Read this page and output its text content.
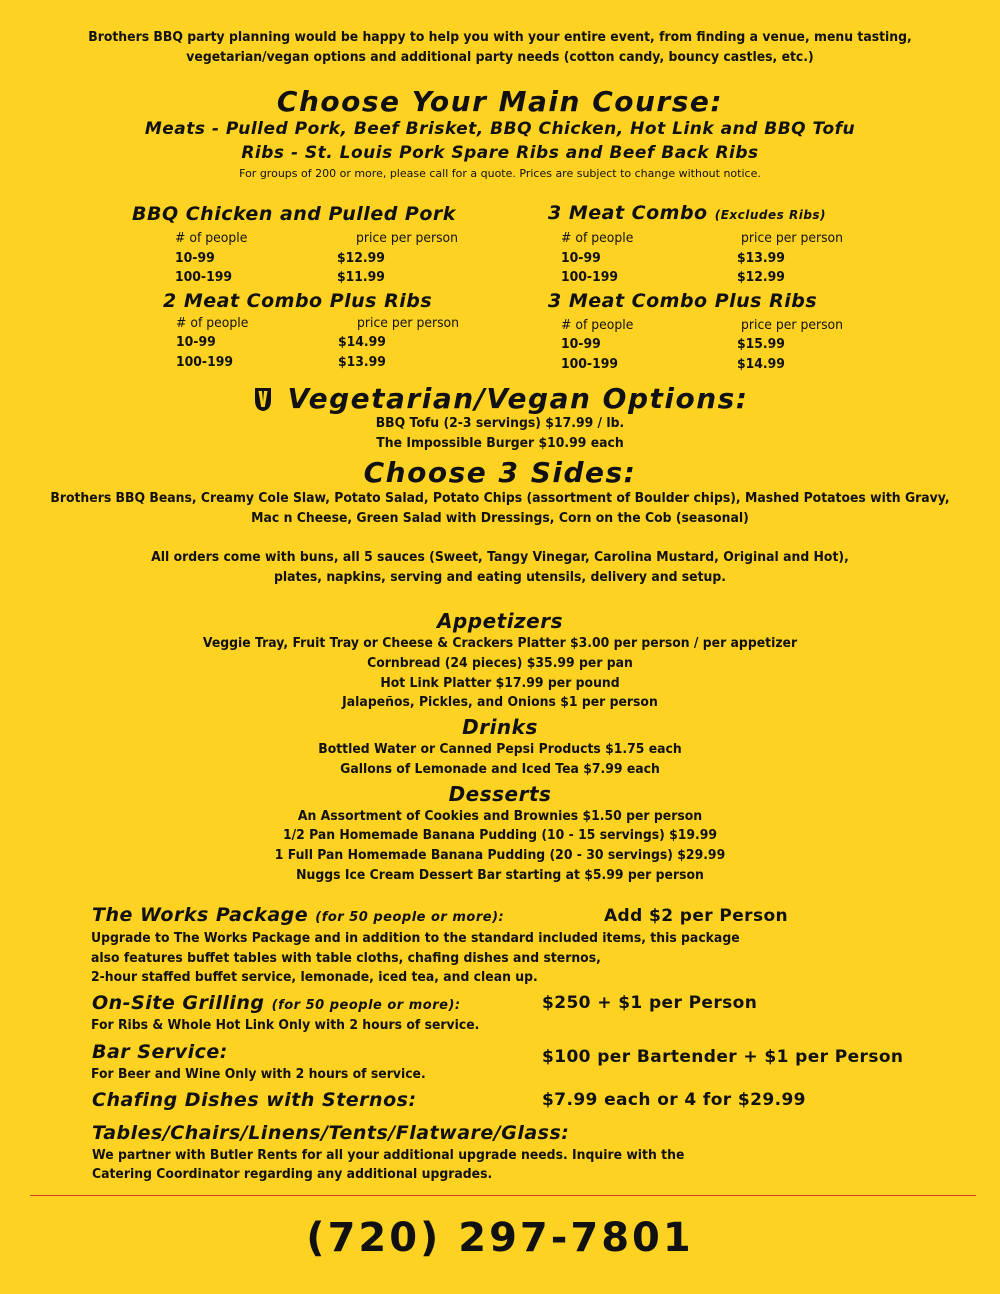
Brothers BBQ party planning would be happy to help you with your entire event, from finding a venue, menu tasting,
vegetarian/vegan options and additional party needs (cotton candy, bouncy castles, etc.)
Choose Your Main Course:
Meats - Pulled Pork, Beef Brisket, BBQ Chicken, Hot Link and BBQ Tofu
Ribs - St. Louis Pork Spare Ribs and Beef Back Ribs
For groups of 200 or more, please call for a quote. Prices are subject to change without notice.
BBQ Chicken and Pulled Pork
# of people	price per person
10-99	$12.99
100-199	$11.99
3 Meat Combo (Excludes Ribs)
# of people	price per person
10-99	$13.99
100-199	$12.99
2 Meat Combo Plus Ribs
# of people	price per person
10-99	$14.99
100-199	$13.99
3 Meat Combo Plus Ribs
# of people	price per person
10-99	$15.99
100-199	$14.99
Vegetarian/Vegan Options:
BBQ Tofu (2-3 servings) $17.99 / lb.
The Impossible Burger $10.99 each
Choose 3 Sides:
Brothers BBQ Beans, Creamy Cole Slaw, Potato Salad, Potato Chips (assortment of Boulder chips), Mashed Potatoes with Gravy,
Mac n Cheese, Green Salad with Dressings, Corn on the Cob (seasonal)
All orders come with buns, all 5 sauces (Sweet, Tangy Vinegar, Carolina Mustard, Original and Hot),
plates, napkins, serving and eating utensils, delivery and setup.
Appetizers
Veggie Tray, Fruit Tray or Cheese & Crackers Platter $3.00 per person / per appetizer
Cornbread (24 pieces) $35.99 per pan
Hot Link Platter $17.99 per pound
Jalapeños, Pickles, and Onions $1 per person
Drinks
Bottled Water or Canned Pepsi Products $1.75 each
Gallons of Lemonade and Iced Tea $7.99 each
Desserts
An Assortment of Cookies and Brownies $1.50 per person
1/2 Pan Homemade Banana Pudding (10 - 15 servings) $19.99
1 Full Pan Homemade Banana Pudding (20 - 30 servings) $29.99
Nuggs Ice Cream Dessert Bar starting at $5.99 per person
The Works Package (for 50 people or more):	Add $2 per Person
Upgrade to The Works Package and in addition to the standard included items, this package
also features buffet tables with table cloths, chafing dishes and sternos,
2-hour staffed buffet service, lemonade, iced tea, and clean up.
On-Site Grilling (for 50 people or more):	$250 + $1 per Person
For Ribs & Whole Hot Link Only with 2 hours of service.
Bar Service:	$100 per Bartender + $1 per Person
For Beer and Wine Only with 2 hours of service.
Chafing Dishes with Sternos:	$7.99 each or 4 for $29.99
Tables/Chairs/Linens/Tents/Flatware/Glass:
We partner with Butler Rents for all your additional upgrade needs. Inquire with the
Catering Coordinator regarding any additional upgrades.
(720) 297-7801
